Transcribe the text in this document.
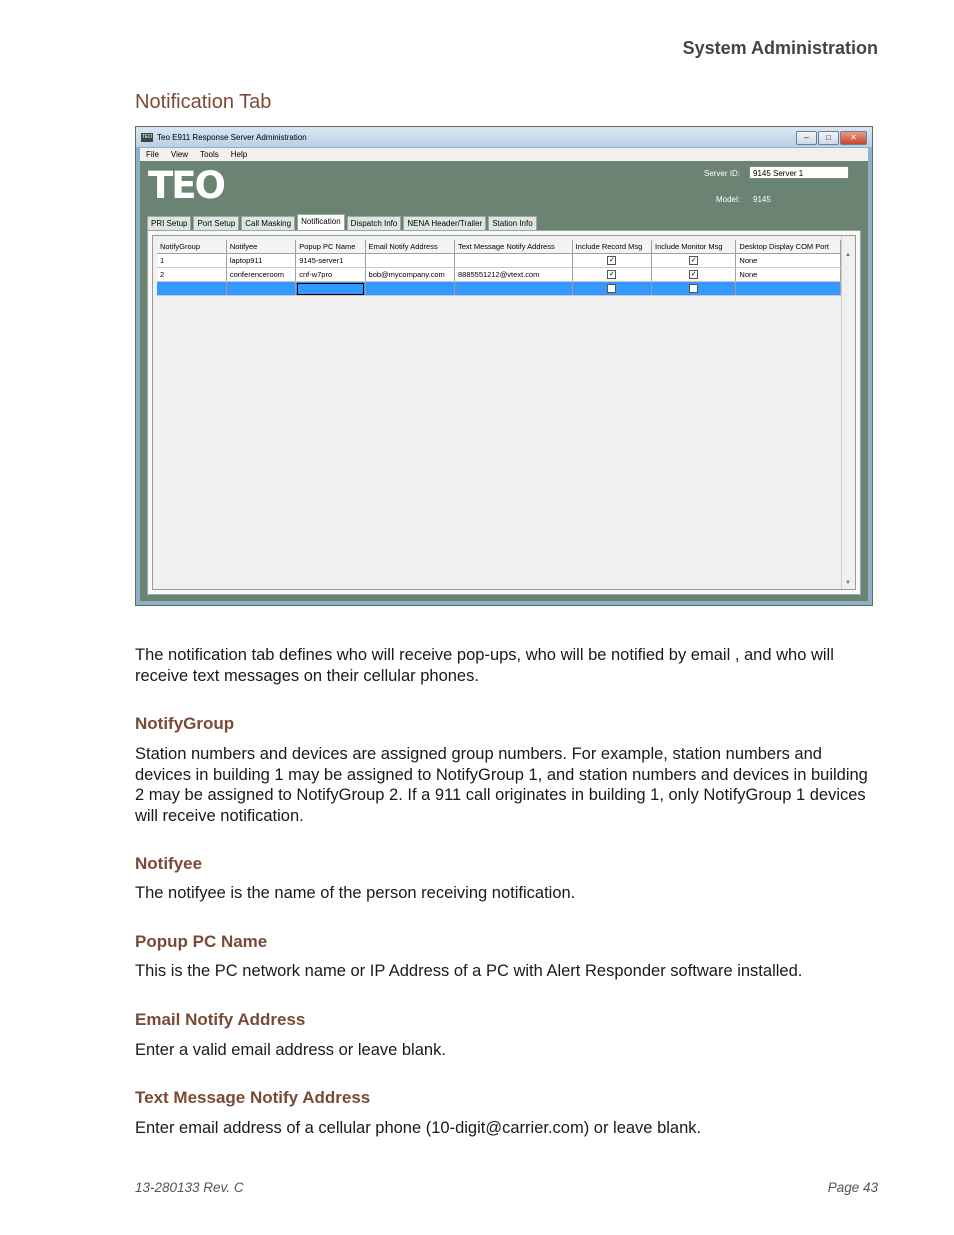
System Administration
Notification Tab
TEO Teo E911 Response Server Administration	–	□	✕
File View Tools Help
TEO	Server ID:	9145 Server 1
Model: 9145
PRI Setup	Port Setup	Call Masking	Notification	Dispatch Info	NENA Header/Trailer	Station Info
NotifyGroup	Notifyee	Popup PC Name	Email Notify Address	Text Message Notify Address	Include Record Msg	Include Monitor Msg	Desktop Display COM Port
1	laptop911	9145-server1			✓	✓	None
2	conferenceroom	cnf-w7pro	bob@mycompany.com	8885551212@vtext.com	✓	✓	None

▲
▼
The notification tab defines who will receive pop-ups, who will be notified by email , and who will receive text messages on their cellular phones.
NotifyGroup
Station numbers and devices are assigned group numbers. For example, station numbers and devices in building 1 may be assigned to NotifyGroup 1, and station numbers and devices in building 2 may be assigned to NotifyGroup 2. If a 911 call originates in building 1, only NotifyGroup 1 devices will receive notification.
Notifyee
The notifyee is the name of the person receiving notification.
Popup PC Name
This is the PC network name or IP Address of a PC with Alert Responder software installed.
Email Notify Address
Enter a valid email address or leave blank.
Text Message Notify Address
Enter email address of a cellular phone (10-digit@carrier.com) or leave blank.
13-280133 Rev. C	Page 43
